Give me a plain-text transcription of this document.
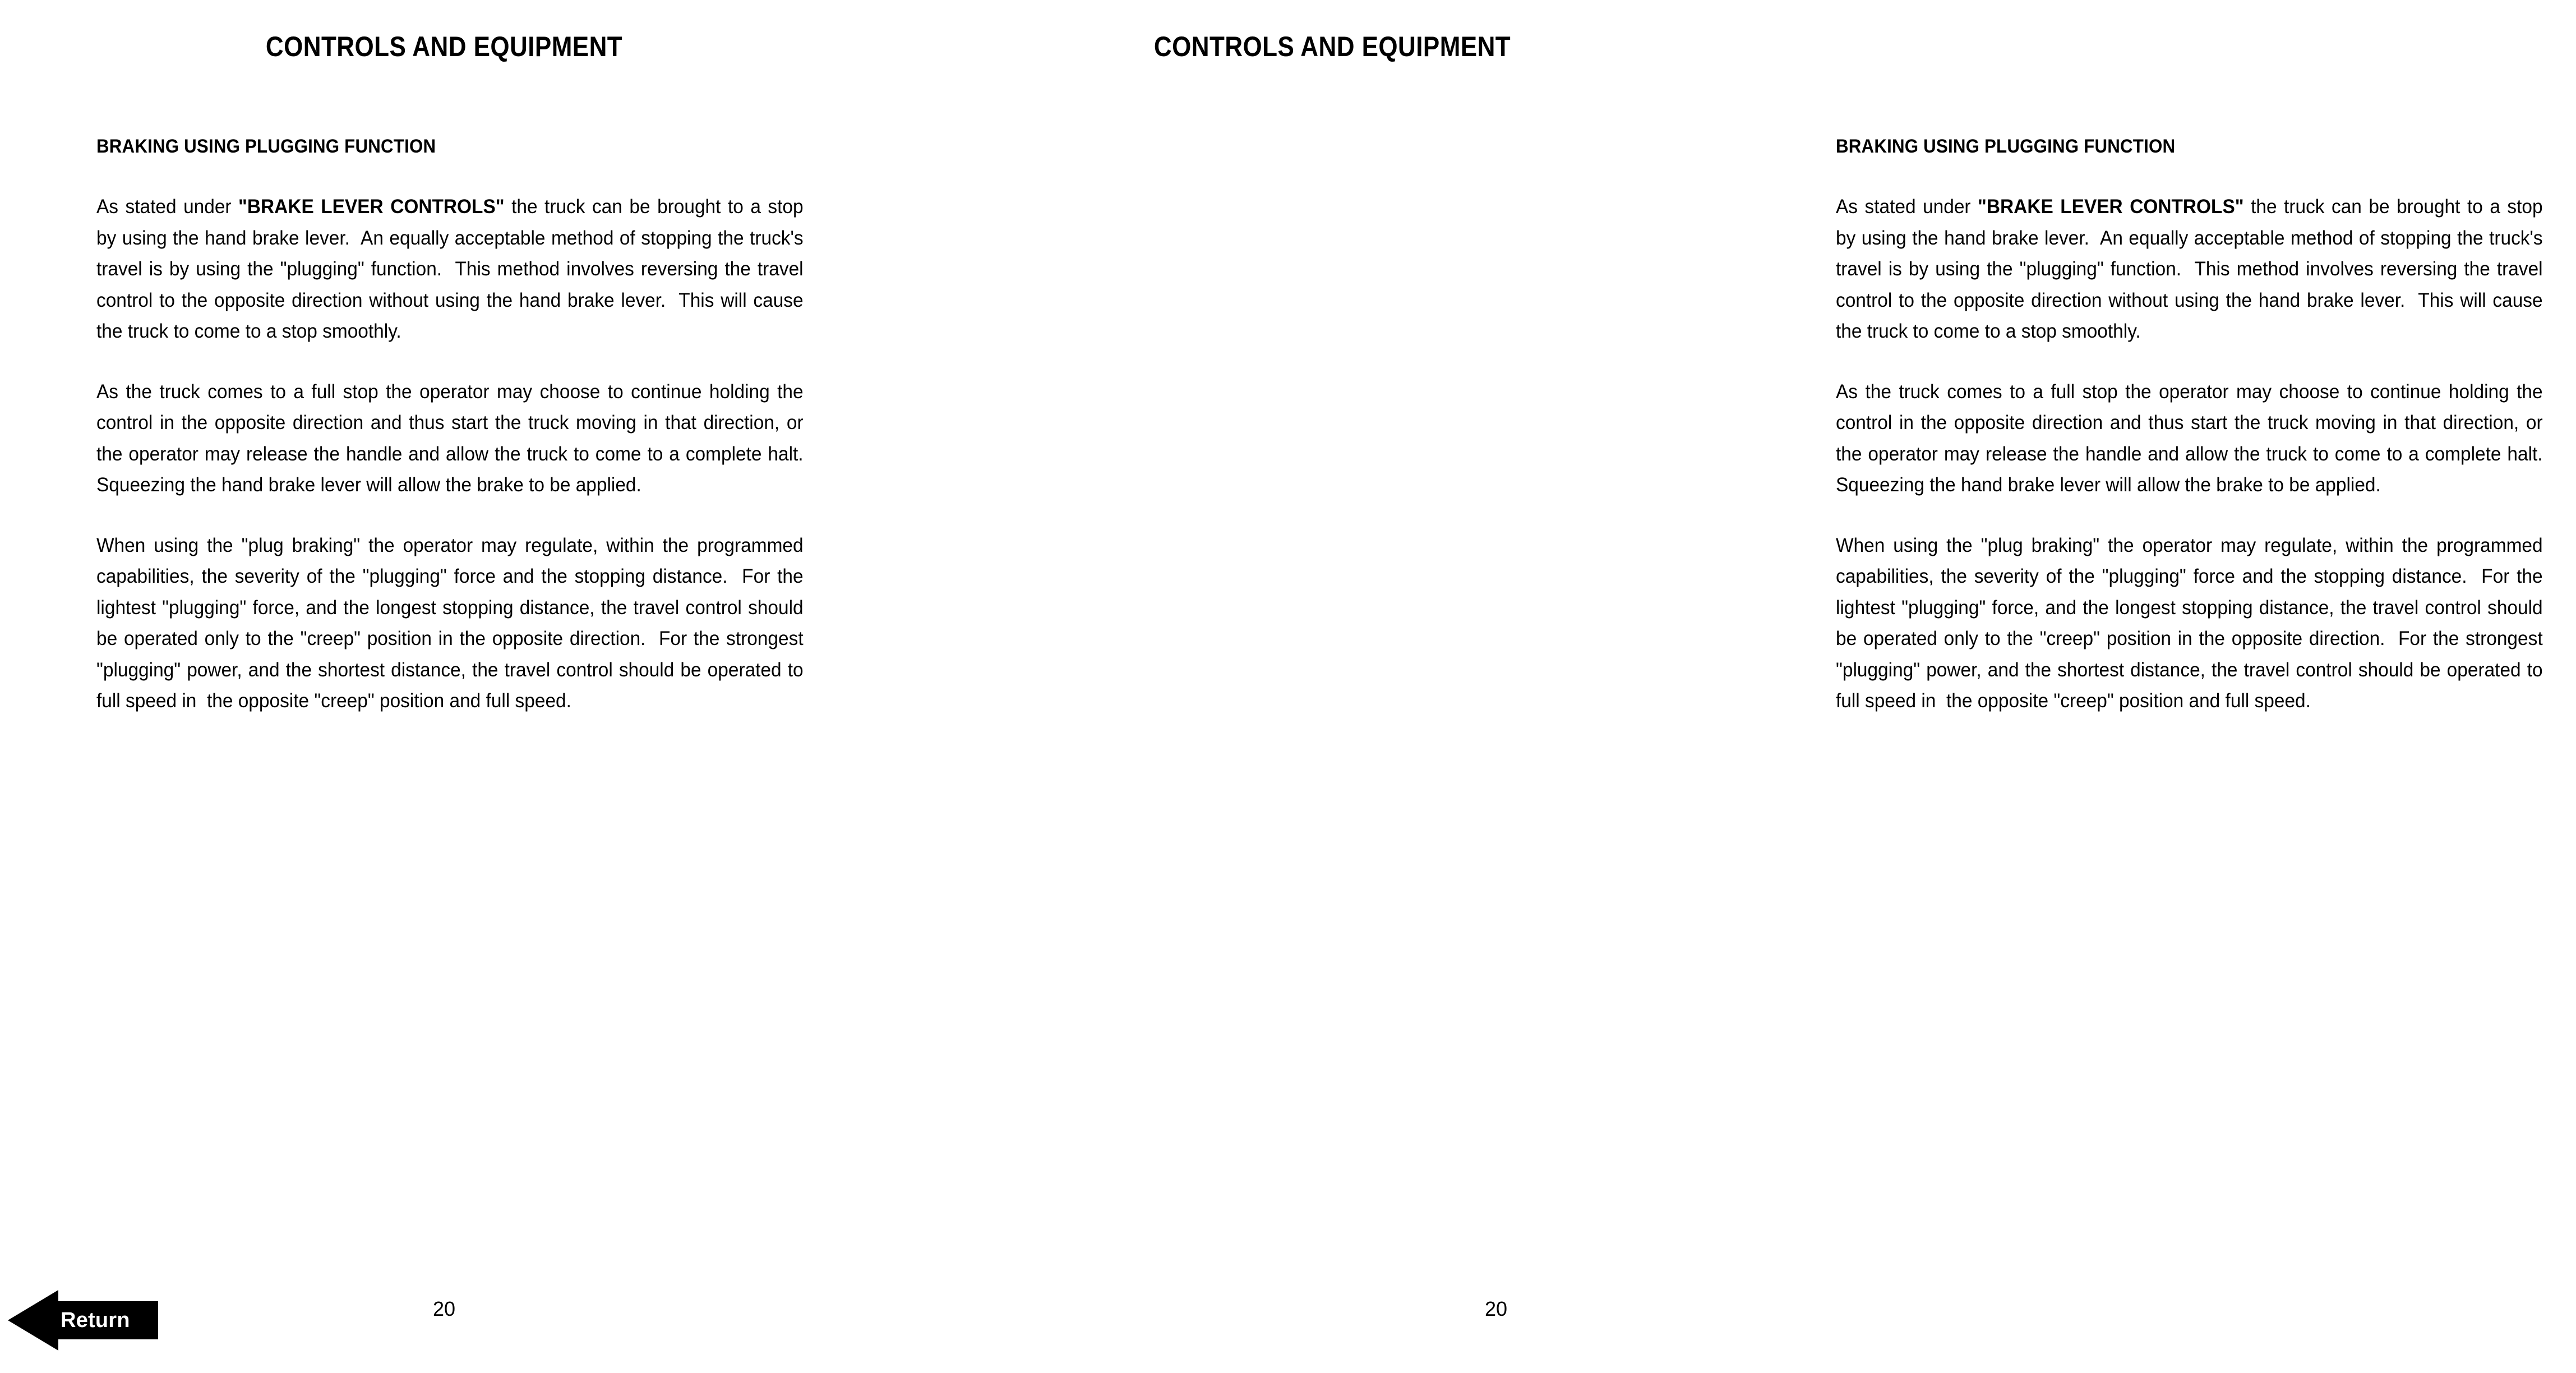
CONTROLS AND EQUIPMENT
BRAKING USING PLUGGING FUNCTION

As stated under "BRAKE LEVER CONTROLS" the truck can be brought to a stop by using the hand brake lever.  An equally acceptable method of stopping the truck's travel is by using the "plugging" function.  This method involves reversing the travel control to the opposite direction without using the hand brake lever.  This will cause the truck to come to a stop smoothly.

As the truck comes to a full stop the operator may choose to continue holding the control in the opposite direction and thus start the truck moving in that direction, or the operator may release the handle and allow the truck to come to a complete halt.  Squeezing the hand brake lever will allow the brake to be applied.

When using the "plug braking" the operator may regulate, within the programmed capabilities, the severity of the "plugging" force and the stopping distance.  For the lightest "plugging" force, and the longest stopping distance, the travel control should be operated only to the "creep" position in the opposite direction.  For the strongest "plugging" power, and the shortest distance, the travel control should be operated to full speed in  the opposite "creep" position and full speed.

20
CONTROLS AND EQUIPMENT
BRAKING USING PLUGGING FUNCTION

As stated under "BRAKE LEVER CONTROLS" the truck can be brought to a stop by using the hand brake lever.  An equally acceptable method of stopping the truck's travel is by using the "plugging" function.  This method involves reversing the travel control to the opposite direction without using the hand brake lever.  This will cause the truck to come to a stop smoothly.

As the truck comes to a full stop the operator may choose to continue holding the control in the opposite direction and thus start the truck moving in that direction, or the operator may release the handle and allow the truck to come to a complete halt.  Squeezing the hand brake lever will allow the brake to be applied.

When using the "plug braking" the operator may regulate, within the programmed capabilities, the severity of the "plugging" force and the stopping distance.  For the lightest "plugging" force, and the longest stopping distance, the travel control should be operated only to the "creep" position in the opposite direction.  For the strongest "plugging" power, and the shortest distance, the travel control should be operated to full speed in  the opposite "creep" position and full speed.

20
Return
